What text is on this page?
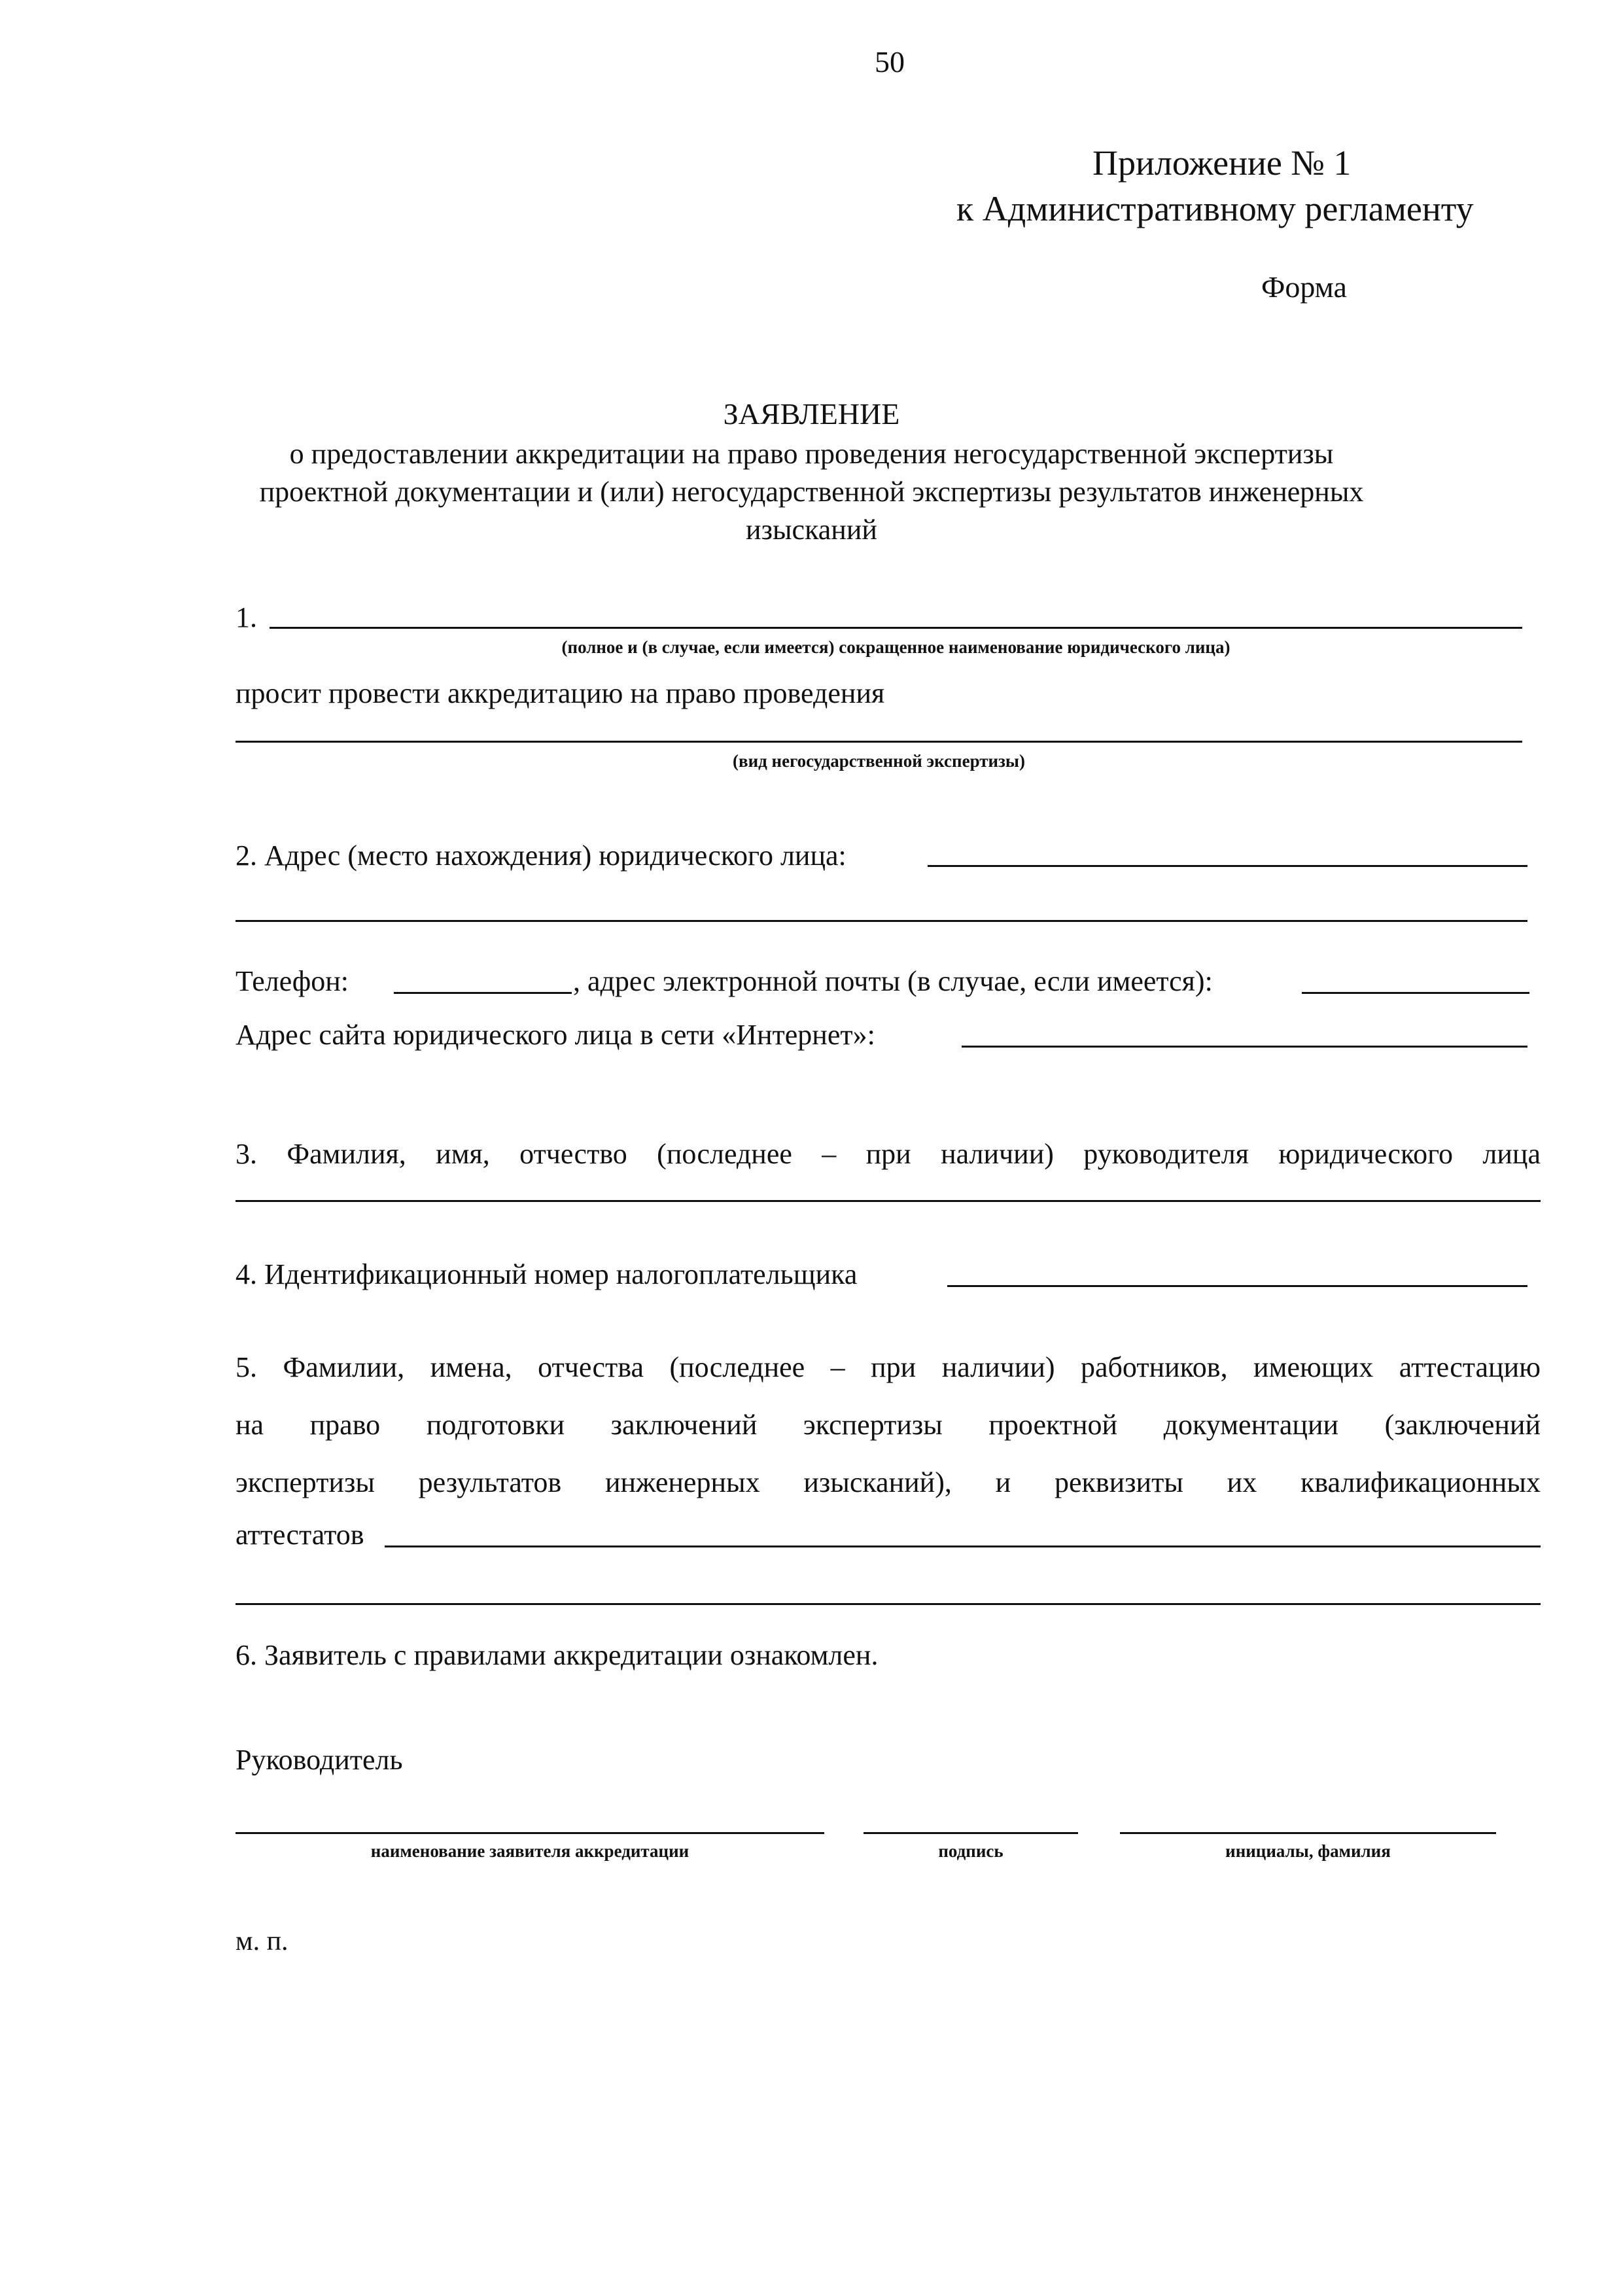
50
Приложение № 1
к Административному регламенту
Форма
ЗАЯВЛЕНИЕ
о предоставлении аккредитации на право проведения негосударственной экспертизы
проектной документации и (или) негосударственной экспертизы результатов инженерных
изысканий
1.
(полное и (в случае, если имеется) сокращенное наименование юридического лица)
просит провести аккредитацию на право проведения
(вид негосударственной экспертизы)
2. Адрес (место нахождения) юридического лица:
Телефон:	, адрес электронной почты (в случае, если имеется):
Адрес сайта юридического лица в сети «Интернет»:
3. Фамилия, имя, отчество (последнее – при наличии) руководителя юридического лица
4. Идентификационный номер налогоплательщика
5. Фамилии, имена, отчества (последнее – при наличии) работников, имеющих аттестацию
на право подготовки заключений экспертизы проектной документации (заключений
экспертизы результатов инженерных изысканий), и реквизиты их квалификационных
аттестатов
6. Заявитель с правилами аккредитации ознакомлен.
Руководитель
наименование заявителя аккредитации	подпись	инициалы, фамилия
м. п.
